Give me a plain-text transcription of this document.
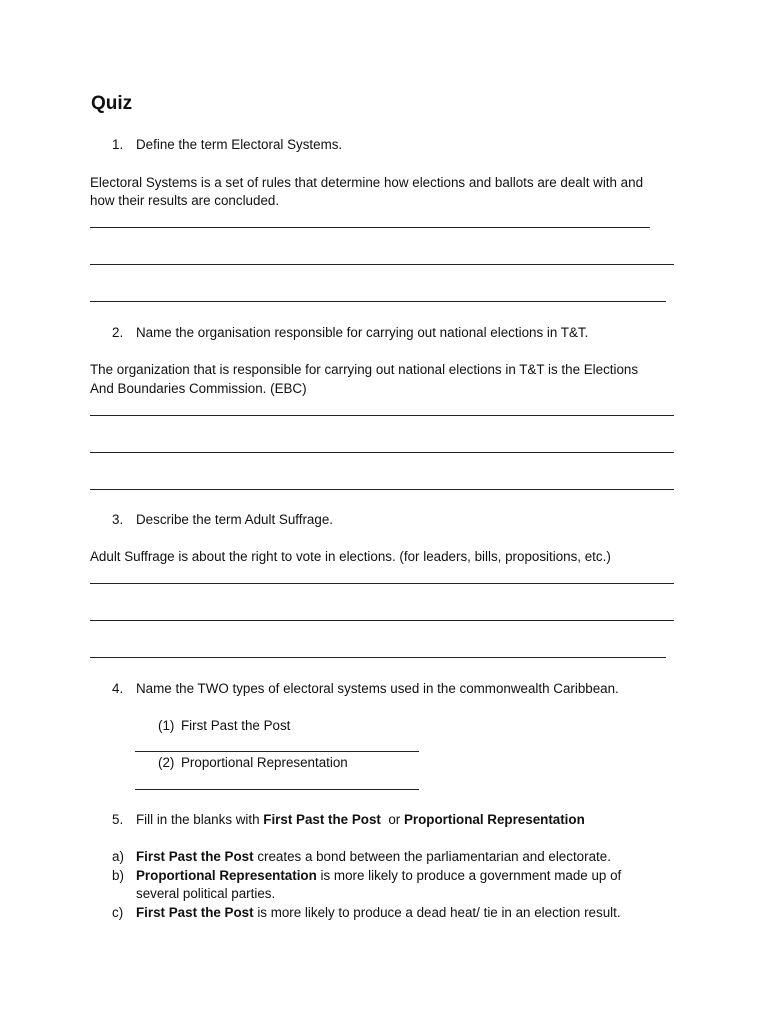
Quiz
1. Define the term Electoral Systems.
Electoral Systems is a set of rules that determine how elections and ballots are dealt with and
how their results are concluded.
2. Name the organisation responsible for carrying out national elections in T&T.
The organization that is responsible for carrying out national elections in T&T is the Elections
And Boundaries Commission. (EBC)
3. Describe the term Adult Suffrage.
Adult Suffrage is about the right to vote in elections. (for leaders, bills, propositions, etc.)
4. Name the TWO types of electoral systems used in the commonwealth Caribbean.
(1) First Past the Post
(2) Proportional Representation
5. Fill in the blanks with First Past the Post or Proportional Representation
a) First Past the Post creates a bond between the parliamentarian and electorate.
b) Proportional Representation is more likely to produce a government made up of
several political parties.
c) First Past the Post is more likely to produce a dead heat/ tie in an election result.
